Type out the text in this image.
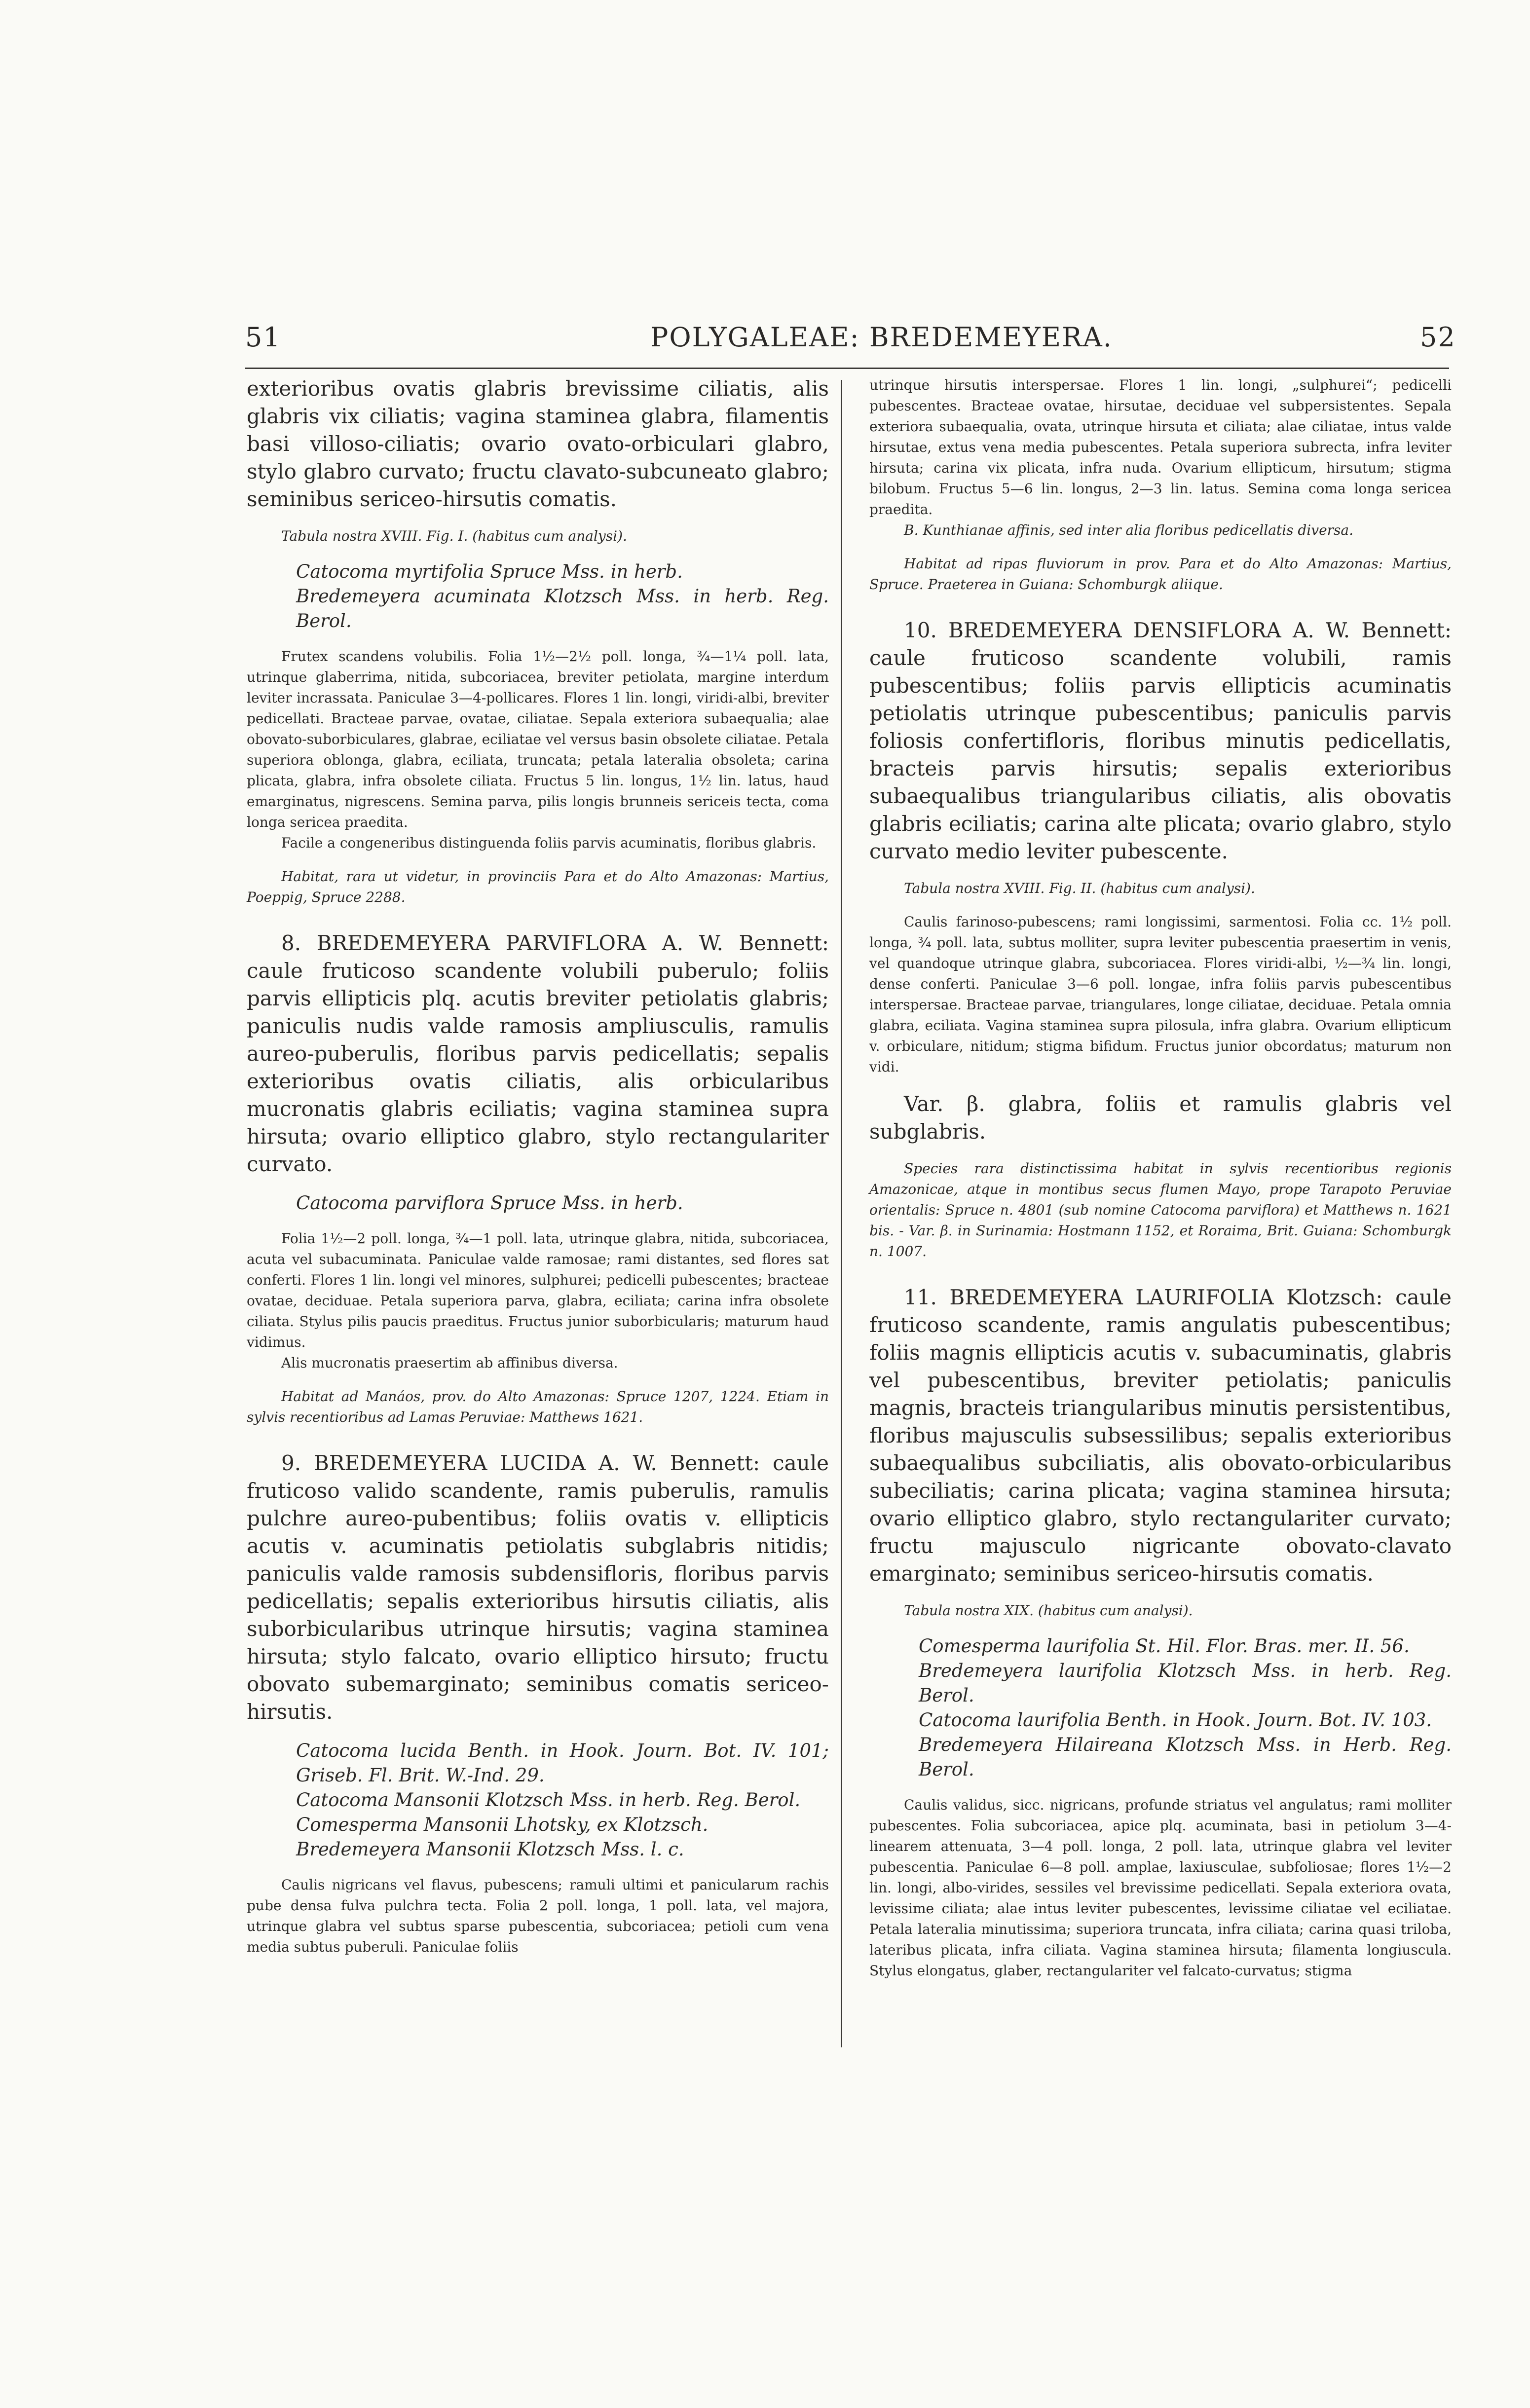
51	POLYGALEAE: BREDEMEYERA.	52

exterioribus ovatis glabris brevissime ciliatis, alis glabris vix ciliatis; vagina staminea glabra, filamentis basi villoso-ciliatis; ovario ovato-orbiculari glabro, stylo glabro curvato; fructu clavato-subcuneato glabro; seminibus sericeo-hirsutis comatis.

Tabula nostra XVIII. Fig. I. (habitus cum analysi).

Catocoma myrtifolia Spruce Mss. in herb.

Bredemeyera acuminata Klotzsch Mss. in herb. Reg. Berol.

Frutex scandens volubilis. Folia 1½—2½ poll. longa, ¾—1¼ poll. lata, utrinque glaberrima, nitida, subcoriacea, breviter petiolata, margine interdum leviter incrassata. Paniculae 3—4-pollicares. Flores 1 lin. longi, viridi-albi, breviter pedicellati. Bracteae parvae, ovatae, ciliatae. Sepala exteriora subaequalia; alae obovato-suborbiculares, glabrae, eciliatae vel versus basin obsolete ciliatae. Petala superiora oblonga, glabra, eciliata, truncata; petala lateralia obsoleta; carina plicata, glabra, infra obsolete ciliata. Fructus 5 lin. longus, 1½ lin. latus, haud emarginatus, nigrescens. Semina parva, pilis longis brunneis sericeis tecta, coma longa sericea praedita.

Facile a congeneribus distinguenda foliis parvis acuminatis, floribus glabris.

Habitat, rara ut videtur, in provinciis Para et do Alto Amazonas: Martius, Poeppig, Spruce 2288.

8. BREDEMEYERA PARVIFLORA A. W. Bennett: caule fruticoso scandente volubili puberulo; foliis parvis ellipticis plq. acutis breviter petiolatis glabris; paniculis nudis valde ramosis ampliusculis, ramulis aureo-puberulis, floribus parvis pedicellatis; sepalis exterioribus ovatis ciliatis, alis orbicularibus mucronatis glabris eciliatis; vagina staminea supra hirsuta; ovario elliptico glabro, stylo rectangulariter curvato.

Catocoma parviflora Spruce Mss. in herb.

Folia 1½—2 poll. longa, ¾—1 poll. lata, utrinque glabra, nitida, subcoriacea, acuta vel subacuminata. Paniculae valde ramosae; rami distantes, sed flores sat conferti. Flores 1 lin. longi vel minores, sulphurei; pedicelli pubescentes; bracteae ovatae, deciduae. Petala superiora parva, glabra, eciliata; carina infra obsolete ciliata. Stylus pilis paucis praeditus. Fructus junior suborbicularis; maturum haud vidimus.

Alis mucronatis praesertim ab affinibus diversa.

Habitat ad Manáos, prov. do Alto Amazonas: Spruce 1207, 1224. Etiam in sylvis recentioribus ad Lamas Peruviae: Matthews 1621.

9. BREDEMEYERA LUCIDA A. W. Bennett: caule fruticoso valido scandente, ramis puberulis, ramulis pulchre aureo-pubentibus; foliis ovatis v. ellipticis acutis v. acuminatis petiolatis subglabris nitidis; paniculis valde ramosis subdensifloris, floribus parvis pedicellatis; sepalis exterioribus hirsutis ciliatis, alis suborbicularibus utrinque hirsutis; vagina staminea hirsuta; stylo falcato, ovario elliptico hirsuto; fructu obovato subemarginato; seminibus comatis sericeo-hirsutis.

Catocoma lucida Benth. in Hook. Journ. Bot. IV. 101; Griseb. Fl. Brit. W.-Ind. 29.

Catocoma Mansonii Klotzsch Mss. in herb. Reg. Berol.

Comesperma Mansonii Lhotsky, ex Klotzsch.

Bredemeyera Mansonii Klotzsch Mss. l. c.

Caulis nigricans vel flavus, pubescens; ramuli ultimi et panicularum rachis pube densa fulva pulchra tecta. Folia 2 poll. longa, 1 poll. lata, vel majora, utrinque glabra vel subtus sparse pubescentia, subcoriacea; petioli cum vena media subtus puberuli. Paniculae foliis

utrinque hirsutis interspersae. Flores 1 lin. longi, „sulphurei“; pedicelli pubescentes. Bracteae ovatae, hirsutae, deciduae vel subpersistentes. Sepala exteriora subaequalia, ovata, utrinque hirsuta et ciliata; alae ciliatae, intus valde hirsutae, extus vena media pubescentes. Petala superiora subrecta, infra leviter hirsuta; carina vix plicata, infra nuda. Ovarium ellipticum, hirsutum; stigma bilobum. Fructus 5—6 lin. longus, 2—3 lin. latus. Semina coma longa sericea praedita.

B. Kunthianae affinis, sed inter alia floribus pedicellatis diversa.

Habitat ad ripas fluviorum in prov. Para et do Alto Amazonas: Martius, Spruce. Praeterea in Guiana: Schomburgk aliique.

10. BREDEMEYERA DENSIFLORA A. W. Bennett: caule fruticoso scandente volubili, ramis pubescentibus; foliis parvis ellipticis acuminatis petiolatis utrinque pubescentibus; paniculis parvis foliosis confertifloris, floribus minutis pedicellatis, bracteis parvis hirsutis; sepalis exterioribus subaequalibus triangularibus ciliatis, alis obovatis glabris eciliatis; carina alte plicata; ovario glabro, stylo curvato medio leviter pubescente.

Tabula nostra XVIII. Fig. II. (habitus cum analysi).

Caulis farinoso-pubescens; rami longissimi, sarmentosi. Folia cc. 1½ poll. longa, ¾ poll. lata, subtus molliter, supra leviter pubescentia praesertim in venis, vel quandoque utrinque glabra, subcoriacea. Flores viridi-albi, ½—¾ lin. longi, dense conferti. Paniculae 3—6 poll. longae, infra foliis parvis pubescentibus interspersae. Bracteae parvae, triangulares, longe ciliatae, deciduae. Petala omnia glabra, eciliata. Vagina staminea supra pilosula, infra glabra. Ovarium ellipticum v. orbiculare, nitidum; stigma bifidum. Fructus junior obcordatus; maturum non vidi.

Var. β. glabra, foliis et ramulis glabris vel subglabris.

Species rara distinctissima habitat in sylvis recentioribus regionis Amazonicae, atque in montibus secus flumen Mayo, prope Tarapoto Peruviae orientalis: Spruce n. 4801 (sub nomine Catocoma parviflora) et Matthews n. 1621 bis. - Var. β. in Surinamia: Hostmann 1152, et Roraima, Brit. Guiana: Schomburgk n. 1007.

11. BREDEMEYERA LAURIFOLIA Klotzsch: caule fruticoso scandente, ramis angulatis pubescentibus; foliis magnis ellipticis acutis v. subacuminatis, glabris vel pubescentibus, breviter petiolatis; paniculis magnis, bracteis triangularibus minutis persistentibus, floribus majusculis subsessilibus; sepalis exterioribus subaequalibus subciliatis, alis obovato-orbicularibus subeciliatis; carina plicata; vagina staminea hirsuta; ovario elliptico glabro, stylo rectangulariter curvato; fructu majusculo nigricante obovato-clavato emarginato; seminibus sericeo-hirsutis comatis.

Tabula nostra XIX. (habitus cum analysi).

Comesperma laurifolia St. Hil. Flor. Bras. mer. II. 56.

Bredemeyera laurifolia Klotzsch Mss. in herb. Reg. Berol.

Catocoma laurifolia Benth. in Hook. Journ. Bot. IV. 103.

Bredemeyera Hilaireana Klotzsch Mss. in Herb. Reg. Berol.

Caulis validus, sicc. nigricans, profunde striatus vel angulatus; rami molliter pubescentes. Folia subcoriacea, apice plq. acuminata, basi in petiolum 3—4-linearem attenuata, 3—4 poll. longa, 2 poll. lata, utrinque glabra vel leviter pubescentia. Paniculae 6—8 poll. amplae, laxiusculae, subfoliosae; flores 1½—2 lin. longi, albo-virides, sessiles vel brevissime pedicellati. Sepala exteriora ovata, levissime ciliata; alae intus leviter pubescentes, levissime ciliatae vel eciliatae. Petala lateralia minutissima; superiora truncata, infra ciliata; carina quasi triloba, lateribus plicata, infra ciliata. Vagina staminea hirsuta; filamenta longiuscula. Stylus elongatus, glaber, rectangulariter vel falcato-curvatus; stigma
